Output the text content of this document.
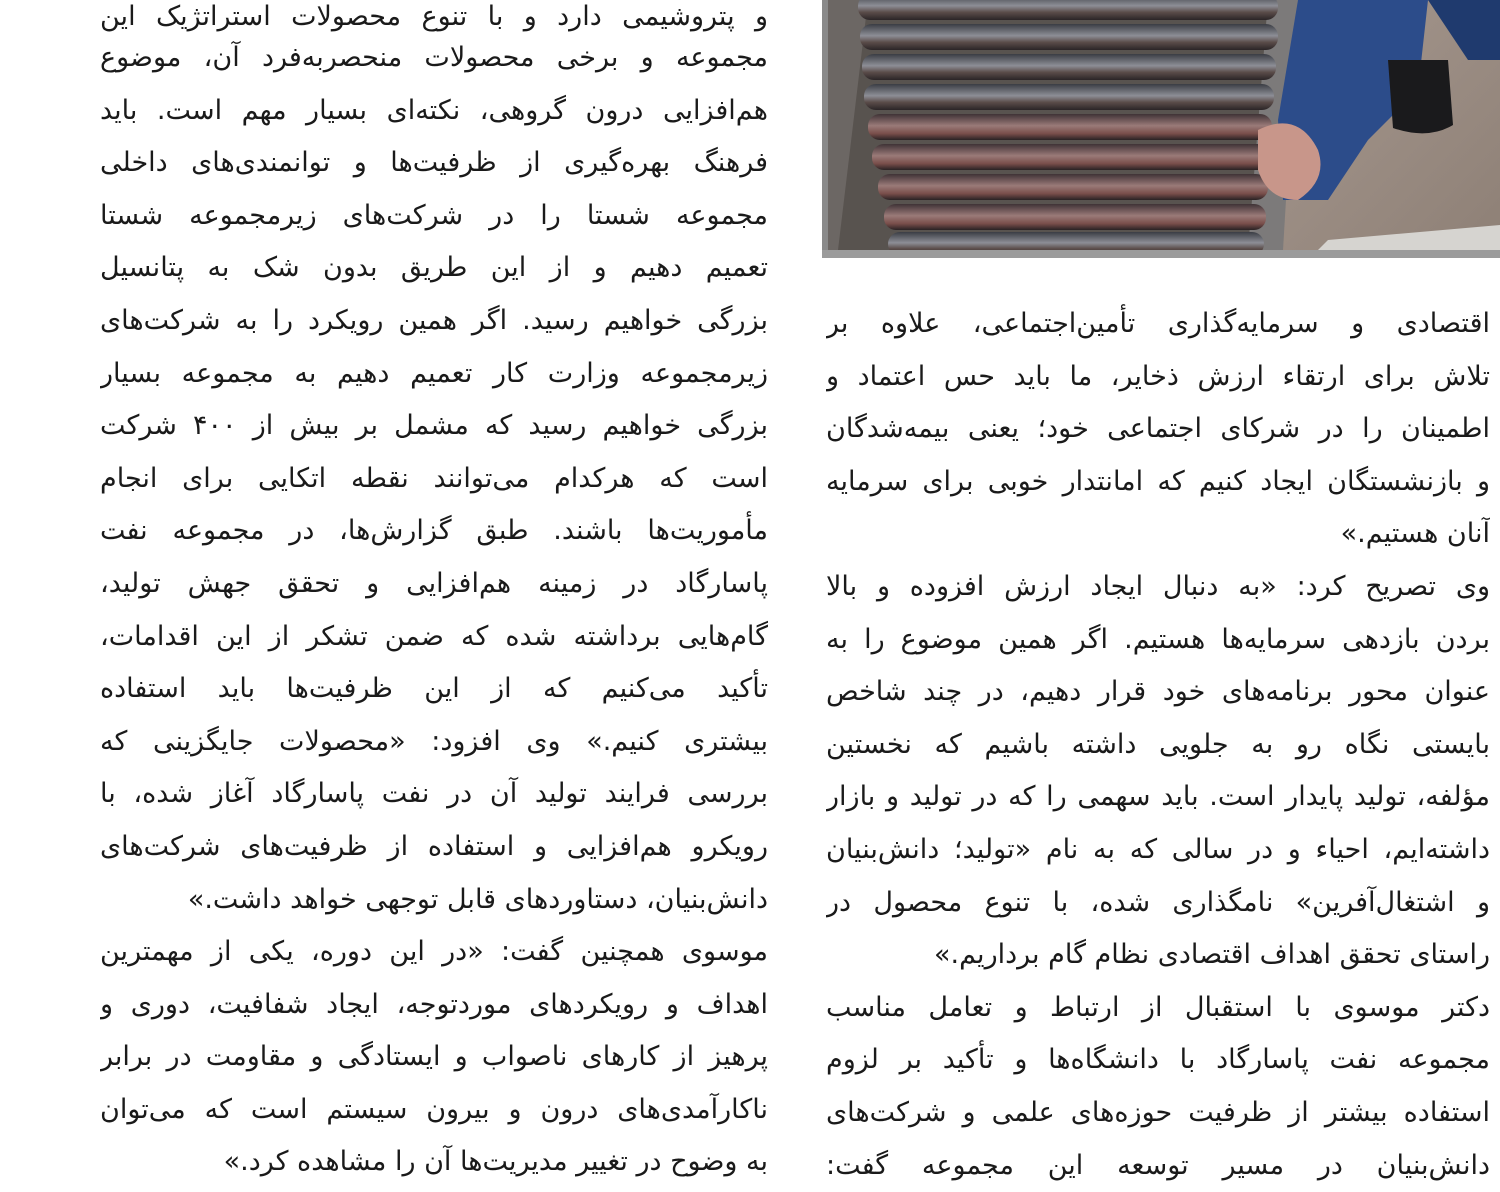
و پتروشیمی دارد و با تنوع محصولات استراتژیک این
مجموعه و برخی محصولات منحصربه‌فرد آن، موضوع
هم‌افزایی درون گروهی، نکته‌ای بسیار مهم است. باید
فرهنگ بهره‌گیری از ظرفیت‌ها و توانمندی‌های داخلی
مجموعه شستا را در شرکت‌های زیرمجموعه شستا
تعمیم دهیم و از این طریق بدون شک به پتانسیل
بزرگی خواهیم رسید. اگر همین رویکرد را به شرکت‌های
زیرمجموعه وزارت کار تعمیم دهیم به مجموعه بسیار
بزرگی خواهیم رسید که مشمل بر بیش از ۴۰۰ شرکت
است که هرکدام می‌توانند نقطه اتکایی برای انجام
مأموریت‌ها باشند. طبق گزارش‌ها، در مجموعه نفت
پاسارگاد در زمینه هم‌افزایی و تحقق جهش تولید،
گام‌هایی برداشته شده که ضمن تشکر از این اقدامات،
تأکید می‌کنیم که از این ظرفیت‌ها باید استفاده
بیشتری کنیم.» وی افزود: «محصولات جایگزینی که
بررسی فرایند تولید آن در نفت پاسارگاد آغاز شده، با
رویکرو هم‌افزایی و استفاده از ظرفیت‌های شرکت‌های
دانش‌بنیان، دستاوردهای قابل توجهی خواهد داشت.»
موسوی همچنین گفت: «در این دوره، یکی از مهمترین
اهداف و رویکردهای موردتوجه، ایجاد شفافیت، دوری و
پرهیز از کارهای ناصواب و ایستادگی و مقاومت در برابر
ناکارآمدی‌های درون و بیرون سیستم است که می‌توان
به وضوح در تغییر مدیریت‌ها آن را مشاهده کرد.»
اقتصادی و سرمایه‌گذاری تأمین‌اجتماعی، علاوه بر
تلاش برای ارتقاء ارزش ذخایر، ما باید حس اعتماد و
اطمینان را در شرکای اجتماعی خود؛ یعنی بیمه‌شدگان
و بازنشستگان ایجاد کنیم که امانتدار خوبی برای سرمایه
آنان هستیم.»
وی تصریح کرد: «به دنبال ایجاد ارزش افزوده و بالا
بردن بازدهی سرمایه‌ها هستیم. اگر همین موضوع را به
عنوان محور برنامه‌های خود قرار دهیم، در چند شاخص
بایستی نگاه رو به جلویی داشته باشیم که نخستین
مؤلفه، تولید پایدار است. باید سهمی را که در تولید و بازار
داشته‌ایم، احیاء و در سالی که به نام «تولید؛ دانش‌بنیان
و اشتغال‌آفرین» نامگذاری شده، با تنوع محصول در
راستای تحقق اهداف اقتصادی نظام گام برداریم.»
دکتر موسوی با استقبال از ارتباط و تعامل مناسب
مجموعه نفت پاسارگاد با دانشگاه‌ها و تأکید بر لزوم
استفاده بیشتر از ظرفیت حوزه‌های علمی و شرکت‌های
دانش‌بنیان در مسیر توسعه این مجموعه گفت:
